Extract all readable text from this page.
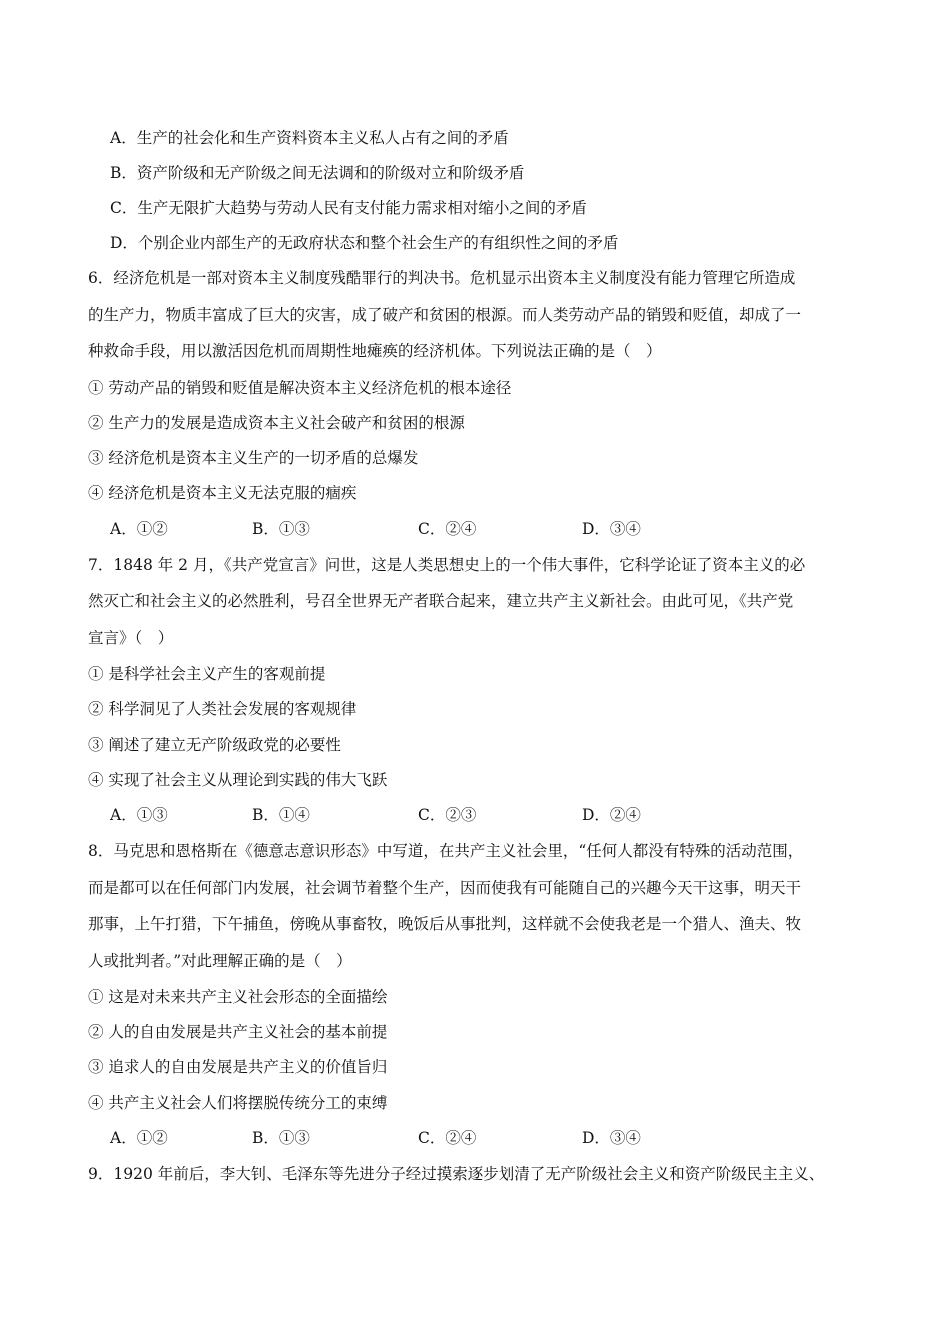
A．生产的社会化和生产资料资本主义私人占有之间的矛盾
B．资产阶级和无产阶级之间无法调和的阶级对立和阶级矛盾
C．生产无限扩大趋势与劳动人民有支付能力需求相对缩小之间的矛盾
D．个别企业内部生产的无政府状态和整个社会生产的有组织性之间的矛盾
6．经济危机是一部对资本主义制度残酷罪行的判决书。危机显示出资本主义制度没有能力管理它所造成
的生产力，物质丰富成了巨大的灾害，成了破产和贫困的根源。而人类劳动产品的销毁和贬值，却成了一
种救命手段，用以激活因危机而周期性地瘫痪的经济机体。下列说法正确的是（　）
① 劳动产品的销毁和贬值是解决资本主义经济危机的根本途径
② 生产力的发展是造成资本主义社会破产和贫困的根源
③ 经济危机是资本主义生产的一切矛盾的总爆发
④ 经济危机是资本主义无法克服的痼疾
A．①②	B．①③	C．②④	D．③④
7．1848 年 2 月，《共产党宣言》问世，这是人类思想史上的一个伟大事件，它科学论证了资本主义的必
然灭亡和社会主义的必然胜利，号召全世界无产者联合起来，建立共产主义新社会。由此可见，《共产党
宣言》（　）
① 是科学社会主义产生的客观前提
② 科学洞见了人类社会发展的客观规律
③ 阐述了建立无产阶级政党的必要性
④ 实现了社会主义从理论到实践的伟大飞跃
A．①③	B．①④	C．②③	D．②④
8．马克思和恩格斯在《德意志意识形态》中写道，在共产主义社会里，“任何人都没有特殊的活动范围，
而是都可以在任何部门内发展，社会调节着整个生产，因而使我有可能随自己的兴趣今天干这事，明天干
那事，上午打猎，下午捕鱼，傍晚从事畜牧，晚饭后从事批判，这样就不会使我老是一个猎人、渔夫、牧
人或批判者。”对此理解正确的是（　）
① 这是对未来共产主义社会形态的全面描绘
② 人的自由发展是共产主义社会的基本前提
③ 追求人的自由发展是共产主义的价值旨归
④ 共产主义社会人们将摆脱传统分工的束缚
A．①②	B．①③	C．②④	D．③④
9．1920 年前后，李大钊、毛泽东等先进分子经过摸索逐步划清了无产阶级社会主义和资产阶级民主主义、
